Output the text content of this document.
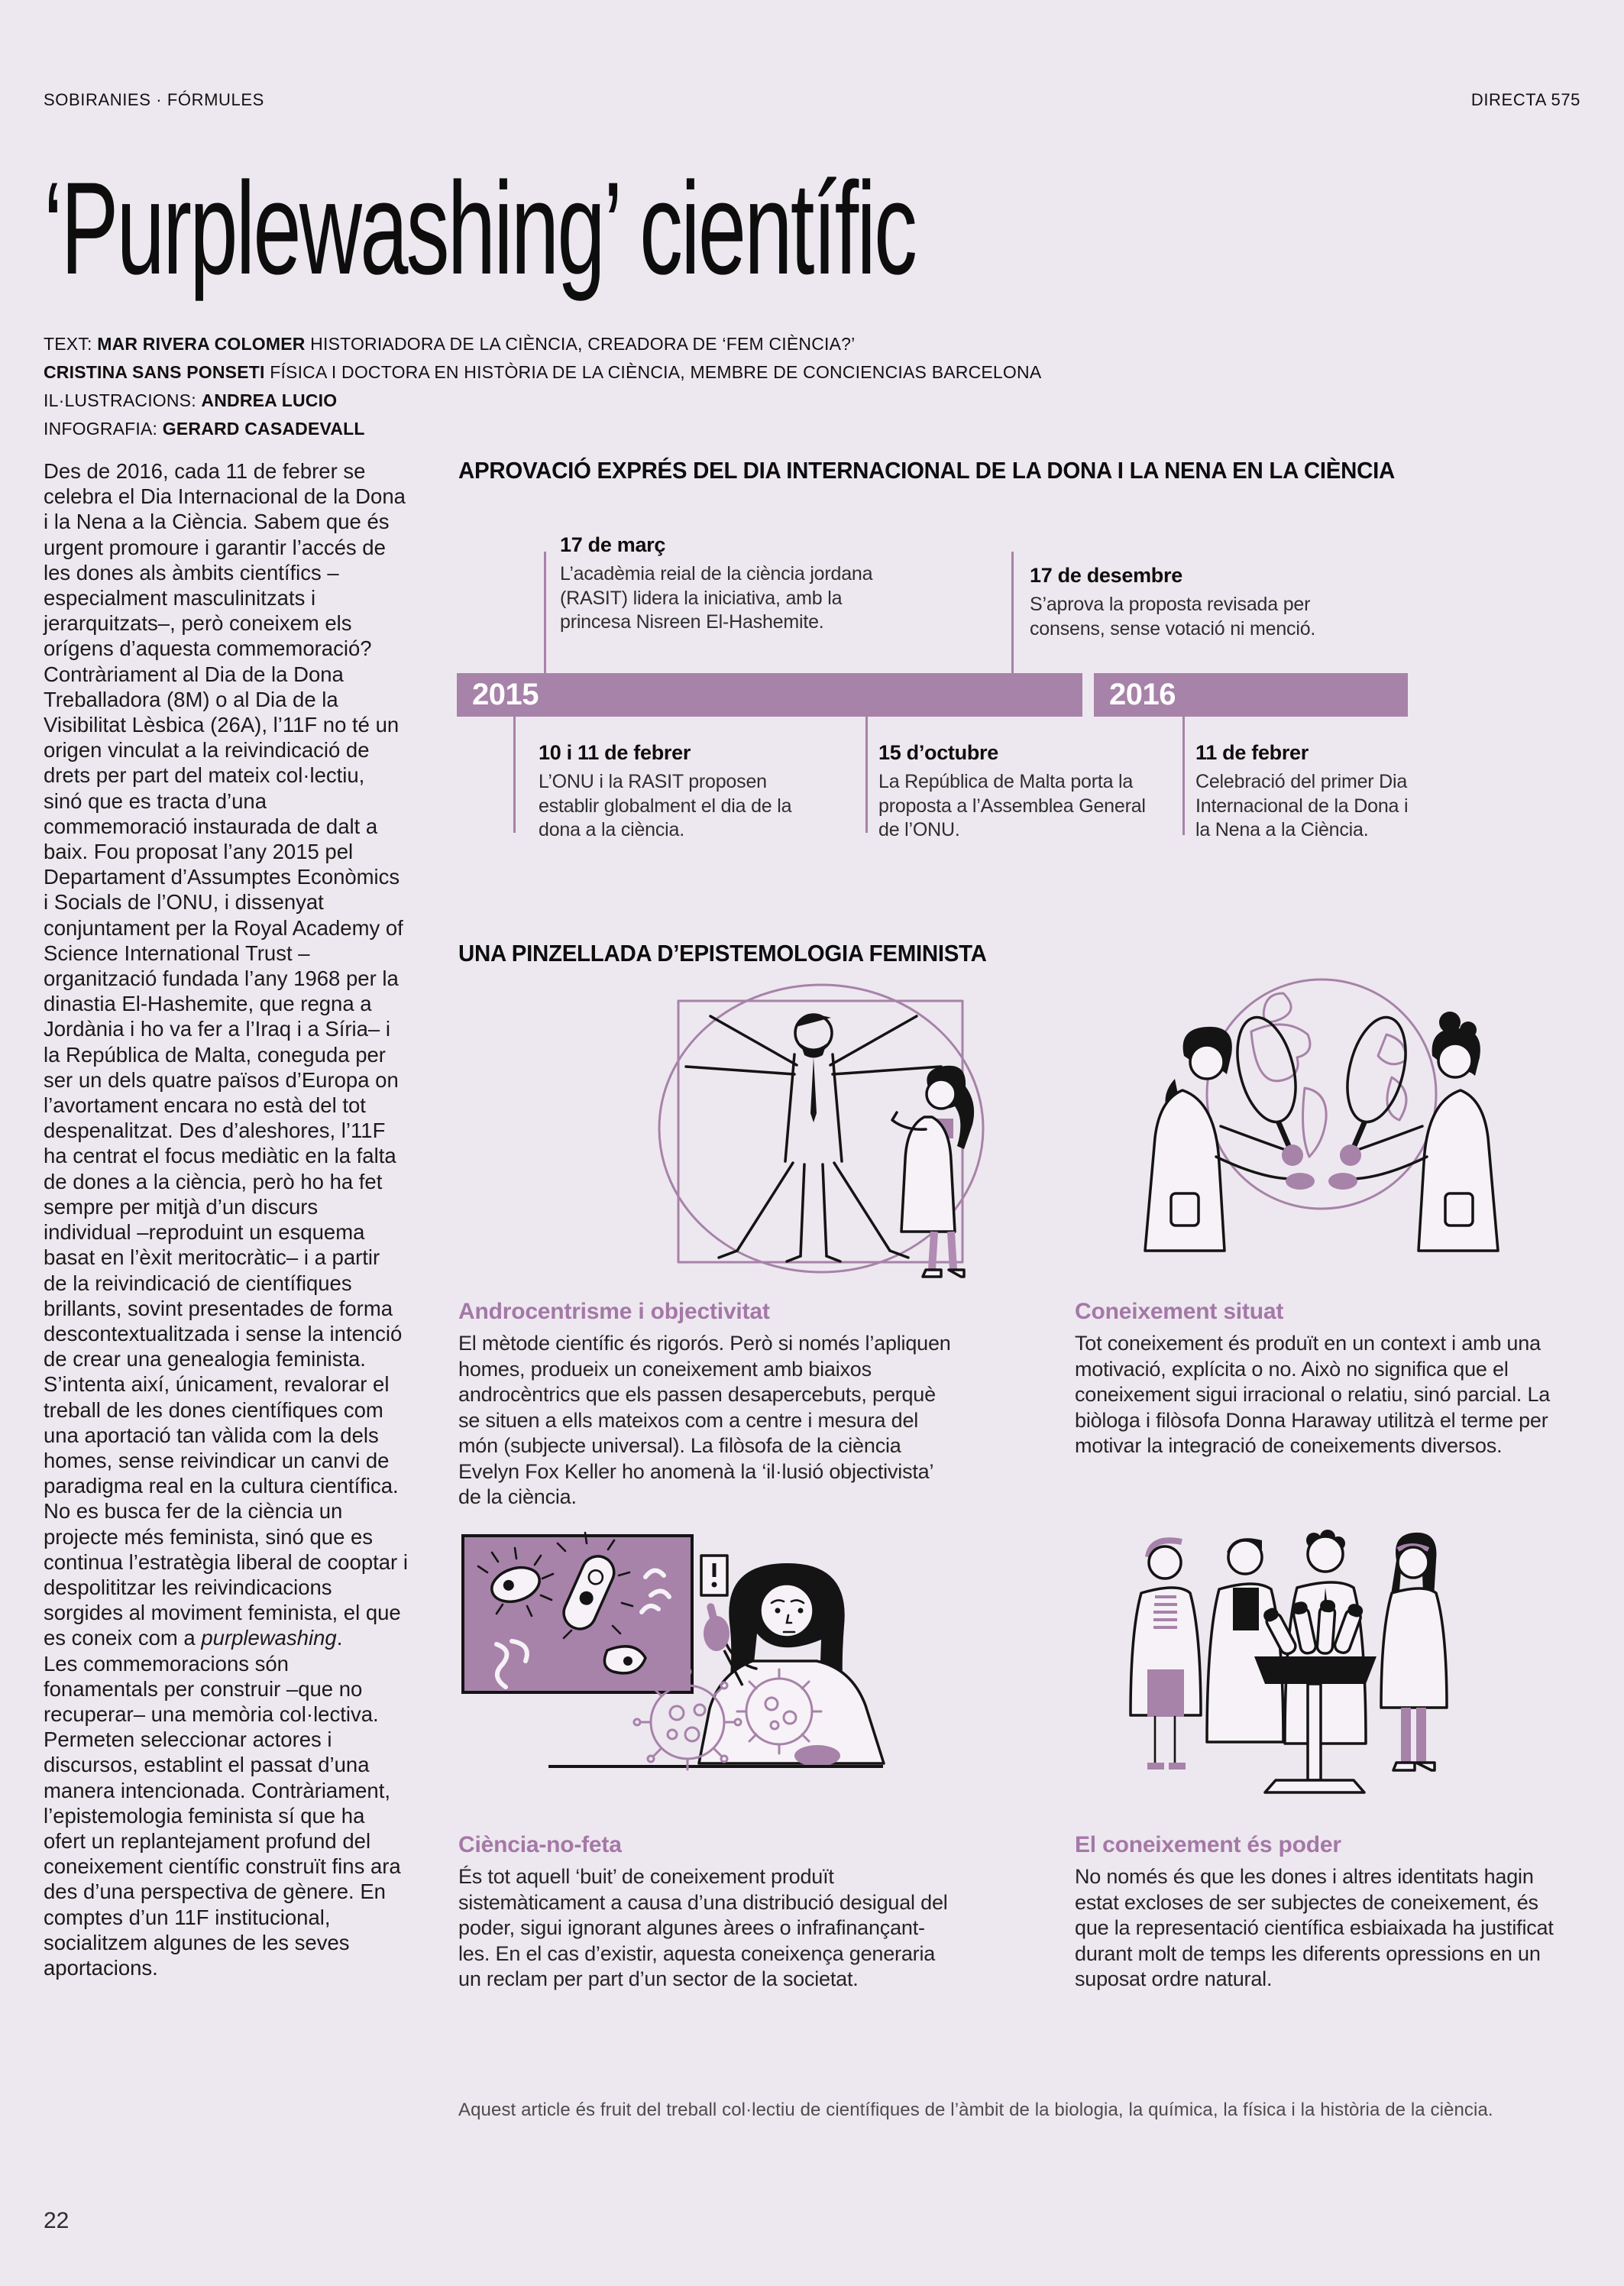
SOBIRANIES · FÓRMULES	DIRECTA 575
‘Purplewashing’ científic
TEXT: MAR RIVERA COLOMER HISTORIADORA DE LA CIÈNCIA, CREADORA DE ‘FEM CIÈNCIA?’
CRISTINA SANS PONSETI FÍSICA I DOCTORA EN HISTÒRIA DE LA CIÈNCIA, MEMBRE DE CONCIENCIAS BARCELONA
IL·LUSTRACIONS: ANDREA LUCIO
INFOGRAFIA: GERARD CASADEVALL

Des de 2016, cada 11 de febrer se celebra el Dia Internacional de la Dona i la Nena a la Ciència. Sabem que és urgent promoure i garantir l’accés de les dones als àmbits científics –especialment masculinitzats i jerarquitzats–, però coneixem els orígens d’aquesta commemoració? Contràriament al Dia de la Dona Treballadora (8M) o al Dia de la Visibilitat Lèsbica (26A), l’11F no té un origen vinculat a la reivindicació de drets per part del mateix col·lectiu, sinó que es tracta d’una commemoració instaurada de dalt a baix. Fou proposat l’any 2015 pel Departament d’Assumptes Econòmics i Socials de l’ONU, i dissenyat conjuntament per la Royal Academy of Science International Trust –organització fundada l’any 1968 per la dinastia El-Hashemite, que regna a Jordània i ho va fer a l’Iraq i a Síria– i la República de Malta, coneguda per ser un dels quatre països d’Europa on l’avortament encara no està del tot despenalitzat. Des d’aleshores, l’11F ha centrat el focus mediàtic en la falta de dones a la ciència, però ho ha fet sempre per mitjà d’un discurs individual –reproduint un esquema basat en l’èxit meritocràtic– i a partir de la reivindicació de científiques brillants, sovint presentades de forma descontextualitzada i sense la intenció de crear una genealogia feminista. S’intenta així, únicament, revalorar el treball de les dones científiques com una aportació tan vàlida com la dels homes, sense reivindicar un canvi de paradigma real en la cultura científica. No es busca fer de la ciència un projecte més feminista, sinó que es continua l’estratègia liberal de cooptar i despolititzar les reivindicacions sorgides al moviment feminista, el que es coneix com a purplewashing.

Les commemoracions són fonamentals per construir –que no recuperar– una memòria col·lectiva. Permeten seleccionar actores i discursos, establint el passat d’una manera intencionada. Contràriament, l’epistemologia feminista sí que ha ofert un replantejament profund del coneixement científic construït fins ara des d’una perspectiva de gènere. En comptes d’un 11F institucional, socialitzem algunes de les seves aportacions.

APROVACIÓ EXPRÉS DEL DIA INTERNACIONAL DE LA DONA I LA NENA EN LA CIÈNCIA
17 de març
L’acadèmia reial de la ciència jordana (RASIT) lidera la iniciativa, amb la princesa Nisreen El-Hashemite.
17 de desembre
S’aprova la proposta revisada per consens, sense votació ni menció.
2015	2016
10 i 11 de febrer
L’ONU i la RASIT proposen establir globalment el dia de la dona a la ciència.
15 d’octubre
La República de Malta porta la proposta a l’Assemblea General de l’ONU.
11 de febrer
Celebració del primer Dia Internacional de la Dona i la Nena a la Ciència.
UNA PINZELLADA D’EPISTEMOLOGIA FEMINISTA
Androcentrisme i objectivitat

El mètode científic és rigorós. Però si només l’apliquen homes, produeix un coneixement amb biaixos androcèntrics que els passen desapercebuts, perquè se situen a ells mateixos com a centre i mesura del món (subjecte universal). La filòsofa de la ciència Evelyn Fox Keller ho anomenà la ‘il·lusió objectivista’ de la ciència.

Coneixement situat

Tot coneixement és produït en un context i amb una motivació, explícita o no. Això no significa que el coneixement sigui irracional o relatiu, sinó parcial. La biòloga i filòsofa Donna Haraway utilitzà el terme per motivar la integració de coneixements diversos.

Ciència-no-feta

És tot aquell ‘buit’ de coneixement produït sistemàticament a causa d’una distribució desigual del poder, sigui ignorant algunes àrees o infrafinançant-les. En el cas d’existir, aquesta coneixença generaria un reclam per part d’un sector de la societat.

El coneixement és poder

No només és que les dones i altres identitats hagin estat excloses de ser subjectes de coneixement, és que la representació científica esbiaixada ha justificat durant molt de temps les diferents opressions en un suposat ordre natural.

Aquest article és fruit del treball col·lectiu de científiques de l’àmbit de la biologia, la química, la física i la història de la ciència.
22
